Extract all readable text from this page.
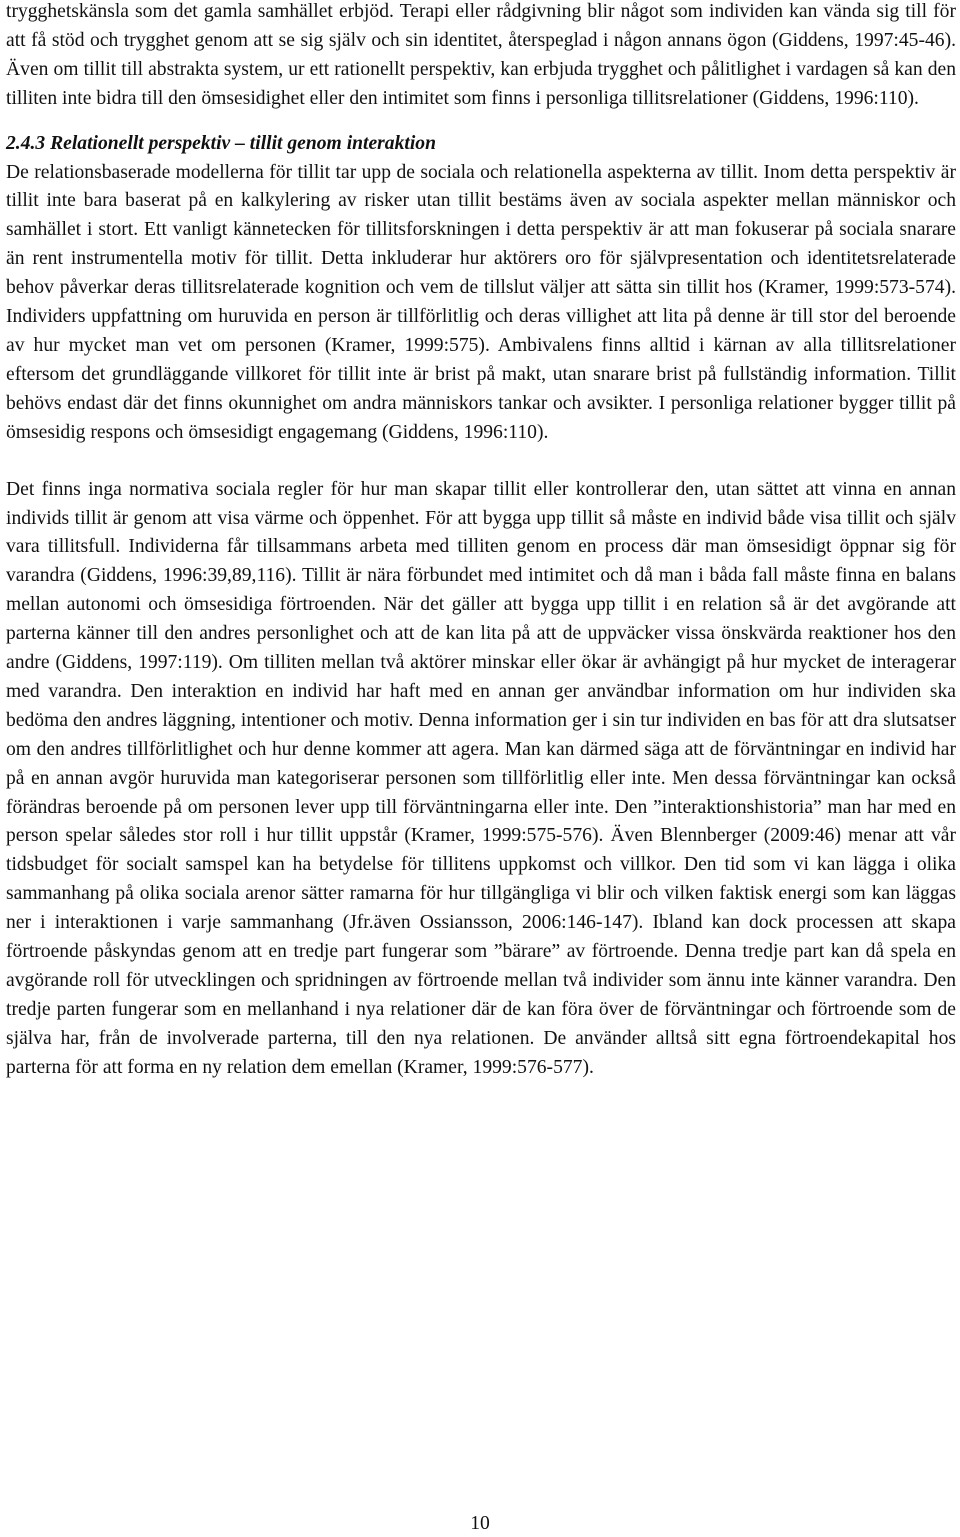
trygghetskänsla som det gamla samhället erbjöd. Terapi eller rådgivning blir något som individen kan vända sig till för att få stöd och trygghet genom att se sig själv och sin identitet, återspeglad i någon annans ögon (Giddens, 1997:45-46). Även om tillit till abstrakta system, ur ett rationellt perspektiv, kan erbjuda trygghet och pålitlighet i vardagen så kan den tilliten inte bidra till den ömsesidighet eller den intimitet som finns i personliga tillitsrelationer (Giddens, 1996:110).

2.4.3 Relationellt perspektiv – tillit genom interaktion

De relationsbaserade modellerna för tillit tar upp de sociala och relationella aspekterna av tillit. Inom detta perspektiv är tillit inte bara baserat på en kalkylering av risker utan tillit bestäms även av sociala aspekter mellan människor och samhället i stort. Ett vanligt kännetecken för tillitsforskningen i detta perspektiv är att man fokuserar på sociala snarare än rent instrumentella motiv för tillit. Detta inkluderar hur aktörers oro för självpresentation och identitetsrelaterade behov påverkar deras tillitsrelaterade kognition och vem de tillslut väljer att sätta sin tillit hos (Kramer, 1999:573-574). Individers uppfattning om huruvida en person är tillförlitlig och deras villighet att lita på denne är till stor del beroende av hur mycket man vet om personen (Kramer, 1999:575). Ambivalens finns alltid i kärnan av alla tillitsrelationer eftersom det grundläggande villkoret för tillit inte är brist på makt, utan snarare brist på fullständig information. Tillit behövs endast där det finns okunnighet om andra människors tankar och avsikter. I personliga relationer bygger tillit på ömsesidig respons och ömsesidigt engagemang (Giddens, 1996:110).

Det finns inga normativa sociala regler för hur man skapar tillit eller kontrollerar den, utan sättet att vinna en annan individs tillit är genom att visa värme och öppenhet. För att bygga upp tillit så måste en individ både visa tillit och själv vara tillitsfull. Individerna får tillsammans arbeta med tilliten genom en process där man ömsesidigt öppnar sig för varandra (Giddens, 1996:39,89,116). Tillit är nära förbundet med intimitet och då man i båda fall måste finna en balans mellan autonomi och ömsesidiga förtroenden. När det gäller att bygga upp tillit i en relation så är det avgörande att parterna känner till den andres personlighet och att de kan lita på att de uppväcker vissa önskvärda reaktioner hos den andre (Giddens, 1997:119). Om tilliten mellan två aktörer minskar eller ökar är avhängigt på hur mycket de interagerar med varandra. Den interaktion en individ har haft med en annan ger användbar information om hur individen ska bedöma den andres läggning, intentioner och motiv. Denna information ger i sin tur individen en bas för att dra slutsatser om den andres tillförlitlighet och hur denne kommer att agera. Man kan därmed säga att de förväntningar en individ har på en annan avgör huruvida man kategoriserar personen som tillförlitlig eller inte. Men dessa förväntningar kan också förändras beroende på om personen lever upp till förväntningarna eller inte. Den ”interaktionshistoria” man har med en person spelar således stor roll i hur tillit uppstår (Kramer, 1999:575-576). Även Blennberger (2009:46) menar att vår tidsbudget för socialt samspel kan ha betydelse för tillitens uppkomst och villkor. Den tid som vi kan lägga i olika sammanhang på olika sociala arenor sätter ramarna för hur tillgängliga vi blir och vilken faktisk energi som kan läggas ner i interaktionen i varje sammanhang (Jfr.även Ossiansson, 2006:146-147). Ibland kan dock processen att skapa förtroende påskyndas genom att en tredje part fungerar som ”bärare” av förtroende. Denna tredje part kan då spela en avgörande roll för utvecklingen och spridningen av förtroende mellan två individer som ännu inte känner varandra. Den tredje parten fungerar som en mellanhand i nya relationer där de kan föra över de förväntningar och förtroende som de själva har, från de involverade parterna, till den nya relationen. De använder alltså sitt egna förtroendekapital hos parterna för att forma en ny relation dem emellan (Kramer, 1999:576-577).

10
